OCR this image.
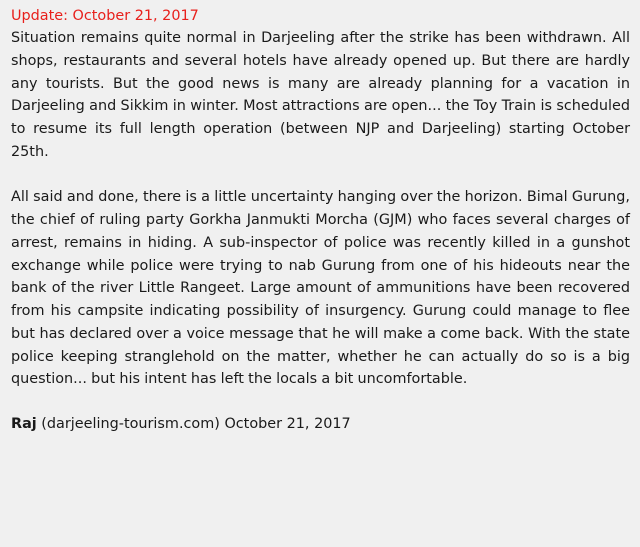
Update: October 21, 2017

Situation remains quite normal in Darjeeling after the strike has been withdrawn. All shops, restaurants and several hotels have already opened up. But there are hardly any tourists. But the good news is many are already planning for a vacation in Darjeeling and Sikkim in winter. Most attractions are open... the Toy Train is scheduled to resume its full length operation (between NJP and Darjeeling) starting October 25th.

All said and done, there is a little uncertainty hanging over the horizon. Bimal Gurung, the chief of ruling party Gorkha Janmukti Morcha (GJM) who faces several charges of arrest, remains in hiding. A sub-inspector of police was recently killed in a gunshot exchange while police were trying to nab Gurung from one of his hideouts near the bank of the river Little Rangeet. Large amount of ammunitions have been recovered from his campsite indicating possibility of insurgency. Gurung could manage to flee but has declared over a voice message that he will make a come back. With the state police keeping stranglehold on the matter, whether he can actually do so is a big question... but his intent has left the locals a bit uncomfortable.

Raj (darjeeling-tourism.com) October 21, 2017
